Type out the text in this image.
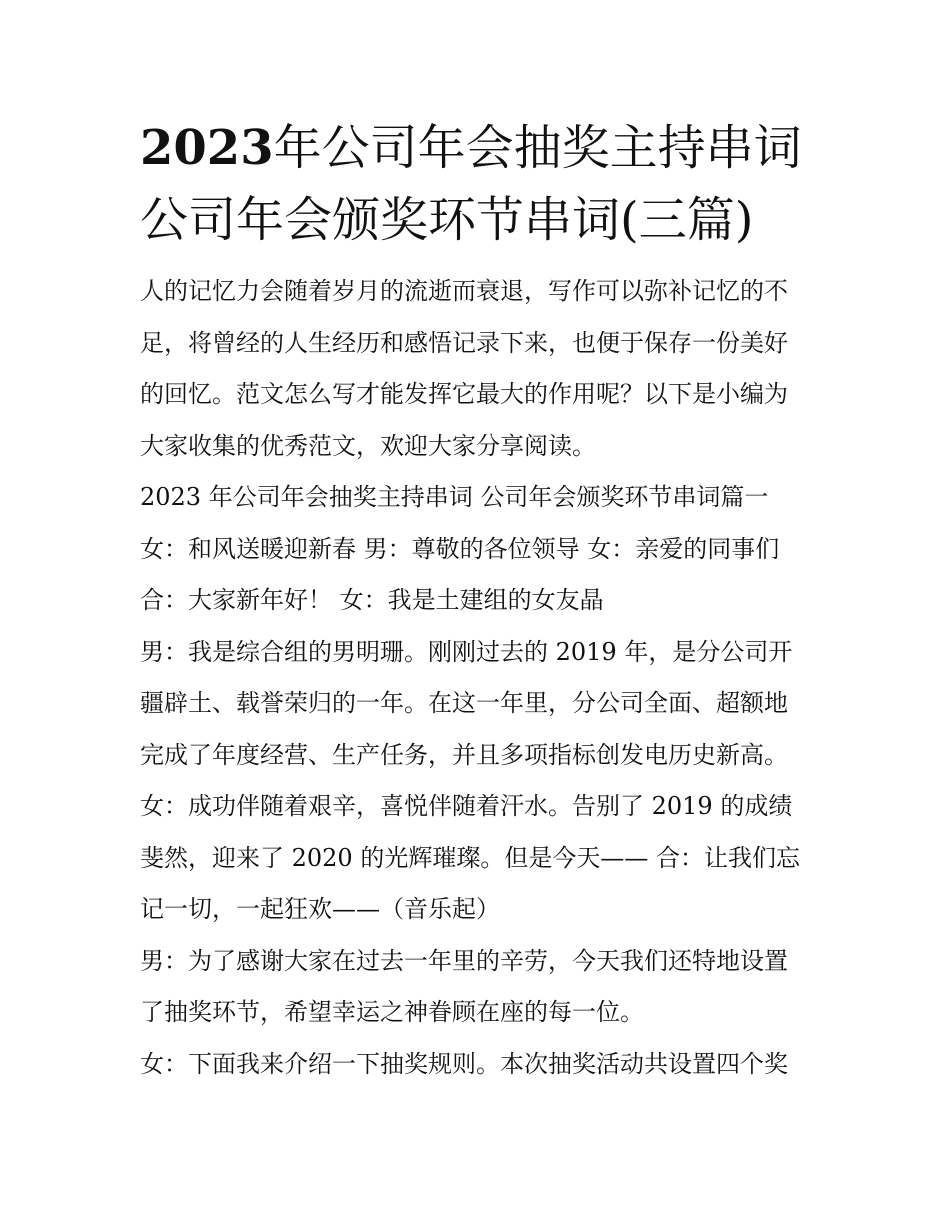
2023年公司年会抽奖主持串词
公司年会颁奖环节串词(三篇)
人的记忆力会随着岁月的流逝而衰退，写作可以弥补记忆的不
足，将曾经的人生经历和感悟记录下来，也便于保存一份美好
的回忆。范文怎么写才能发挥它最大的作用呢？以下是小编为
大家收集的优秀范文，欢迎大家分享阅读。
2023 年公司年会抽奖主持串词 公司年会颁奖环节串词篇一
女：和风送暖迎新春 男：尊敬的各位领导 女：亲爱的同事们
合：大家新年好！ 女：我是土建组的女友晶
男：我是综合组的男明珊。刚刚过去的 2019 年，是分公司开
疆辟土、载誉荣归的一年。在这一年里，分公司全面、超额地
完成了年度经营、生产任务，并且多项指标创发电历史新高。
女：成功伴随着艰辛，喜悦伴随着汗水。告别了 2019 的成绩
斐然，迎来了 2020 的光辉璀璨。但是今天—— 合：让我们忘
记一切，一起狂欢——（音乐起）
男：为了感谢大家在过去一年里的辛劳，今天我们还特地设置
了抽奖环节，希望幸运之神眷顾在座的每一位。
女：下面我来介绍一下抽奖规则。本次抽奖活动共设置四个奖
